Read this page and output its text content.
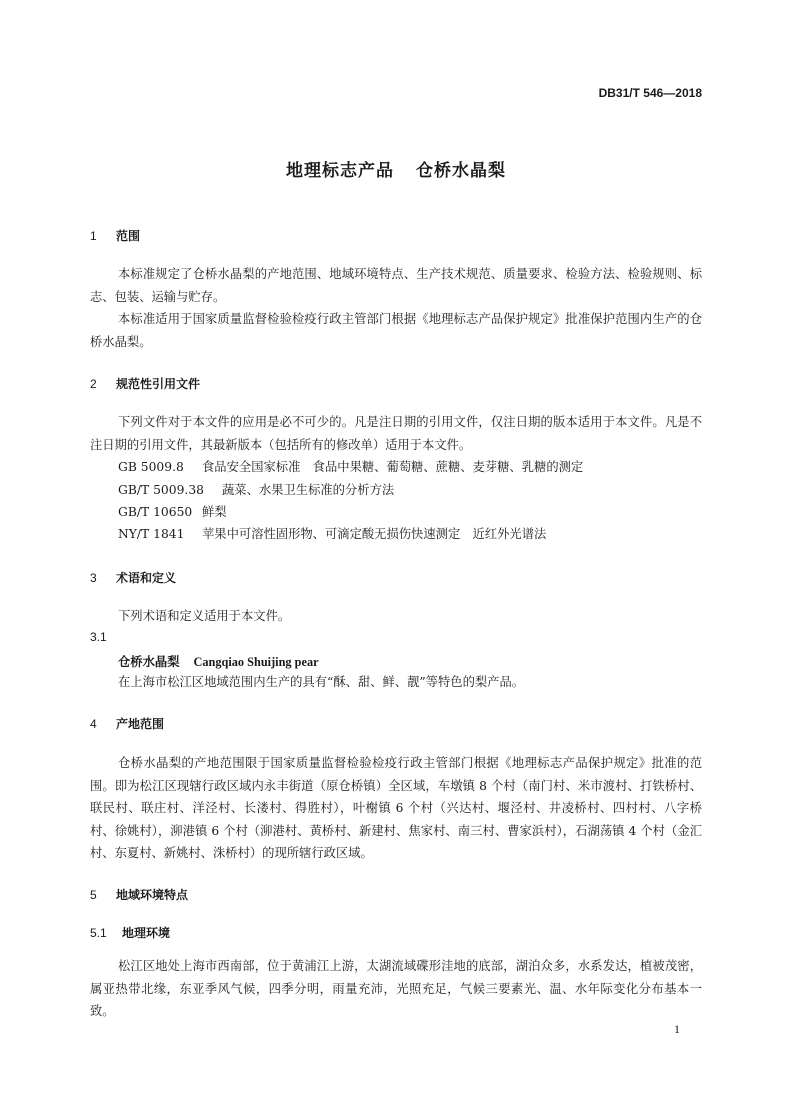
DB31/T 546—2018
地理标志产品 仓桥水晶梨
1 范围
本标准规定了仓桥水晶梨的产地范围、地域环境特点、生产技术规范、质量要求、检验方法、检验规则、标志、包装、运输与贮存。
本标准适用于国家质量监督检验检疫行政主管部门根据《地理标志产品保护规定》批准保护范围内生产的仓桥水晶梨。
2 规范性引用文件
下列文件对于本文件的应用是必不可少的。凡是注日期的引用文件，仅注日期的版本适用于本文件。凡是不注日期的引用文件，其最新版本（包括所有的修改单）适用于本文件。
GB 5009.8 食品安全国家标准　食品中果糖、葡萄糖、蔗糖、麦芽糖、乳糖的测定
GB/T 5009.38 蔬菜、水果卫生标准的分析方法
GB/T 10650 鲜梨
NY/T 1841 苹果中可溶性固形物、可滴定酸无损伤快速测定　近红外光谱法
3 术语和定义
下列术语和定义适用于本文件。
3.1
仓桥水晶梨 Cangqiao Shuijing pear
在上海市松江区地域范围内生产的具有“酥、甜、鲜、靓”等特色的梨产品。
4 产地范围
仓桥水晶梨的产地范围限于国家质量监督检验检疫行政主管部门根据《地理标志产品保护规定》批准的范围。即为松江区现辖行政区域内永丰街道（原仓桥镇）全区域，车墩镇 8 个村（南门村、米市渡村、打铁桥村、联民村、联庄村、洋泾村、长溇村、得胜村），叶榭镇 6 个村（兴达村、堰泾村、井凌桥村、四村村、八字桥村、徐姚村），泖港镇 6 个村（泖港村、黄桥村、新建村、焦家村、南三村、曹家浜村），石湖荡镇 4 个村（金汇村、东夏村、新姚村、洙桥村）的现所辖行政区域。
5 地域环境特点
5.1 地理环境
松江区地处上海市西南部，位于黄浦江上游，太湖流域碟形洼地的底部，湖泊众多，水系发达，植被茂密，属亚热带北缘，东亚季风气候，四季分明，雨量充沛，光照充足，气候三要素光、温、水年际变化分布基本一致。
1
